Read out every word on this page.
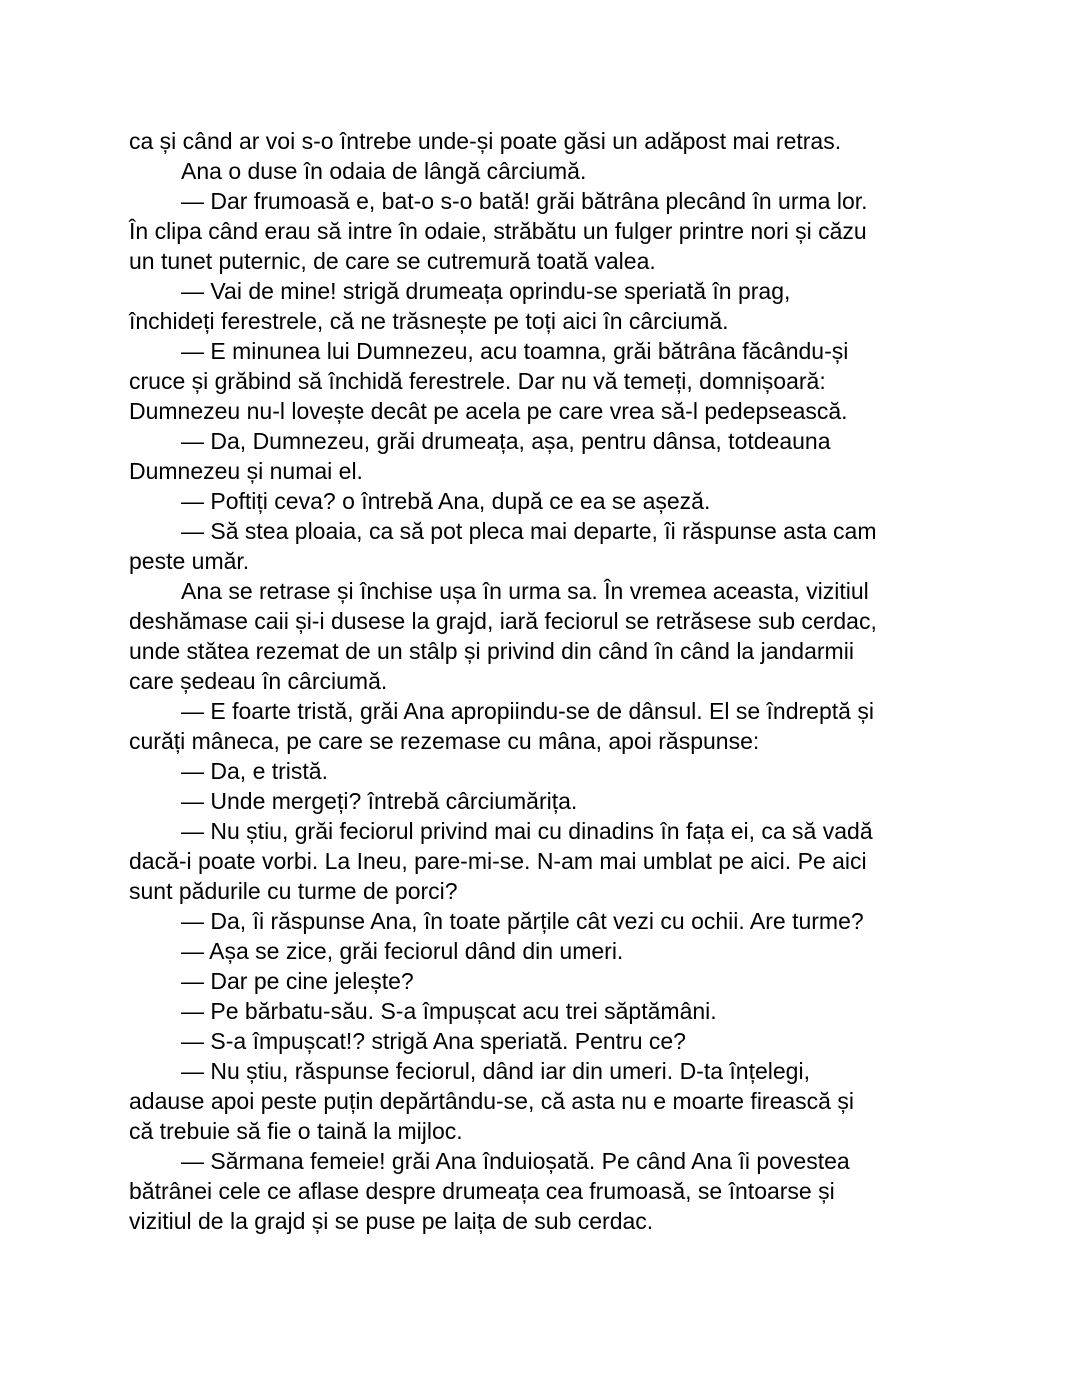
ca și când ar voi s-o întrebe unde-și poate găsi un adăpost mai retras.
Ana o duse în odaia de lângă cârciumă.
— Dar frumoasă e, bat-o s-o bată! grăi bătrâna plecând în urma lor.
În clipa când erau să intre în odaie, străbătu un fulger printre nori și căzu
un tunet puternic, de care se cutremură toată valea.
— Vai de mine! strigă drumeața oprindu-se speriată în prag,
închideți ferestrele, că ne trăsnește pe toți aici în cârciumă.
— E minunea lui Dumnezeu, acu toamna, grăi bătrâna făcându-și
cruce și grăbind să închidă ferestrele. Dar nu vă temeți, domnișoară:
Dumnezeu nu-l lovește decât pe acela pe care vrea să-l pedepsească.
— Da, Dumnezeu, grăi drumeața, așa, pentru dânsa, totdeauna
Dumnezeu și numai el.
— Poftiți ceva? o întrebă Ana, după ce ea se așeză.
— Să stea ploaia, ca să pot pleca mai departe, îi răspunse asta cam
peste umăr.
Ana se retrase și închise ușa în urma sa. În vremea aceasta, vizitiul
deshămase caii și-i dusese la grajd, iară feciorul se retrăsese sub cerdac,
unde stătea rezemat de un stâlp și privind din când în când la jandarmii
care ședeau în cârciumă.
— E foarte tristă, grăi Ana apropiindu-se de dânsul. El se îndreptă și
curăți mâneca, pe care se rezemase cu mâna, apoi răspunse:
— Da, e tristă.
— Unde mergeți? întrebă cârciumărița.
— Nu știu, grăi feciorul privind mai cu dinadins în fața ei, ca să vadă
dacă-i poate vorbi. La Ineu, pare-mi-se. N-am mai umblat pe aici. Pe aici
sunt pădurile cu turme de porci?
— Da, îi răspunse Ana, în toate părțile cât vezi cu ochii. Are turme?
— Așa se zice, grăi feciorul dând din umeri.
— Dar pe cine jelește?
— Pe bărbatu-său. S-a împușcat acu trei săptămâni.
— S-a împușcat!? strigă Ana speriată. Pentru ce?
— Nu știu, răspunse feciorul, dând iar din umeri. D-ta înțelegi,
adause apoi peste puțin depărtându-se, că asta nu e moarte firească și
că trebuie să fie o taină la mijloc.
— Sărmana femeie! grăi Ana înduioșată. Pe când Ana îi povestea
bătrânei cele ce aflase despre drumeața cea frumoasă, se întoarse și
vizitiul de la grajd și se puse pe laița de sub cerdac.
